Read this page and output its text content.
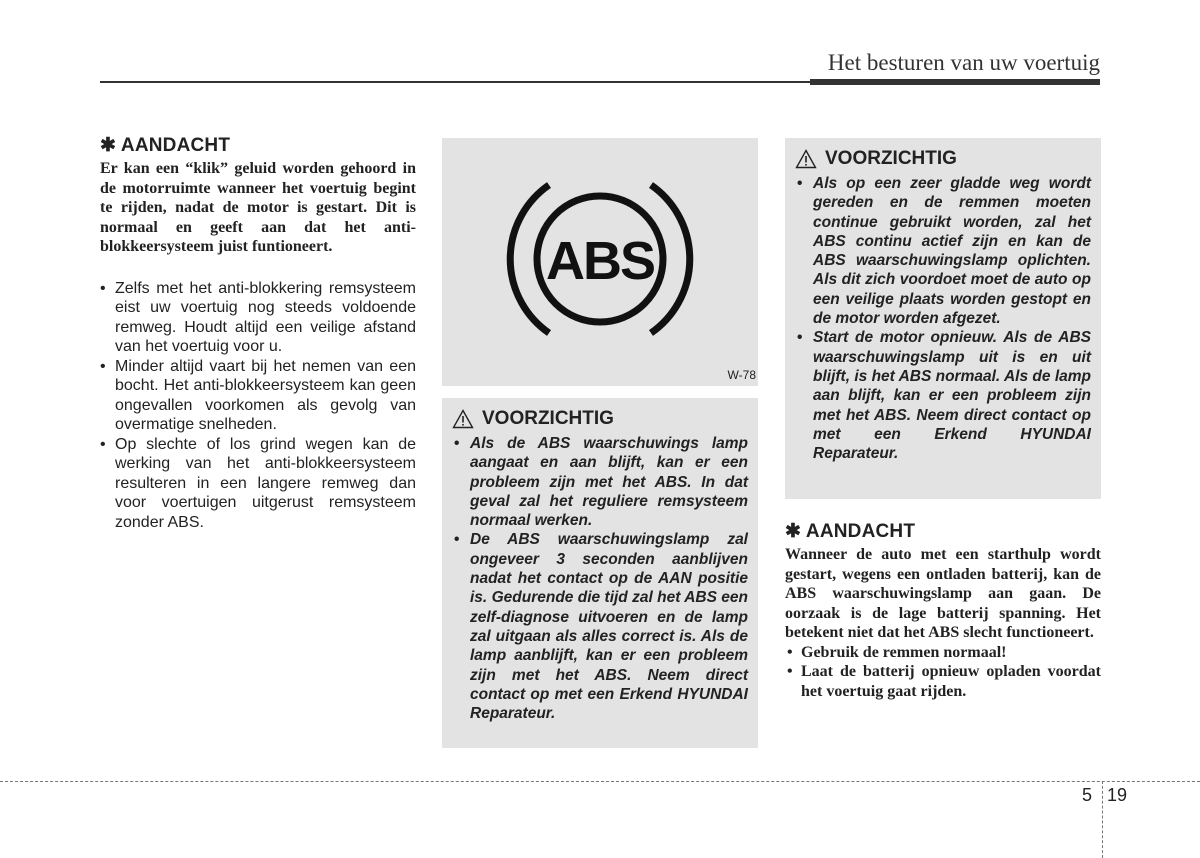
Het besturen van uw voertuig
✱ AANDACHT

Er kan een “klik” geluid worden gehoord in de motorruimte wanneer het voertuig begint te rijden, nadat de motor is gestart. Dit is normaal en geeft aan dat het anti-blokkeersysteem juist funtioneert.

• Zelfs met het anti-blokkering remsysteem eist uw voertuig nog steeds voldoende remweg. Houdt altijd een veilige afstand van het voertuig voor u.
• Minder altijd vaart bij het nemen van een bocht. Het anti-blokkeersysteem kan geen ongevallen voorkomen als gevolg van overmatige snelheden.
• Op slechte of los grind wegen kan de werking van het anti-blokkeersysteem resulteren in een langere remweg dan voor voertuigen uitgerust remsysteem zonder ABS.
ABS
W-78
VOORZICHTIG
• Als de ABS waarschuwings lamp aangaat en aan blijft, kan er een probleem zijn met het ABS. In dat geval zal het reguliere remsysteem normaal werken.
• De ABS waarschuwingslamp zal ongeveer 3 seconden aanblijven nadat het contact op de AAN positie is. Gedurende die tijd zal het ABS een zelf-diagnose uitvoeren en de lamp zal uitgaan als alles correct is. Als de lamp aanblijft, kan er een probleem zijn met het ABS. Neem direct contact op met een Erkend HYUNDAI Reparateur.
VOORZICHTIG
• Als op een zeer gladde weg wordt gereden en de remmen moeten continue gebruikt worden, zal het ABS continu actief zijn en kan de ABS waarschuwingslamp oplichten. Als dit zich voordoet moet de auto op een veilige plaats worden gestopt en de motor worden afgezet.
• Start de motor opnieuw. Als de ABS waarschuwingslamp uit is en uit blijft, is het ABS normaal. Als de lamp aan blijft, kan er een probleem zijn met het ABS. Neem direct contact op met een Erkend HYUNDAI Reparateur.
✱ AANDACHT

Wanneer de auto met een starthulp wordt gestart, wegens een ontladen batterij, kan de ABS waarschuwingslamp aan gaan. De oorzaak is de lage batterij spanning. Het betekent niet dat het ABS slecht functioneert.

• Gebruik de remmen normaal!
• Laat de batterij opnieuw opladen voordat het voertuig gaat rijden.
5 19
